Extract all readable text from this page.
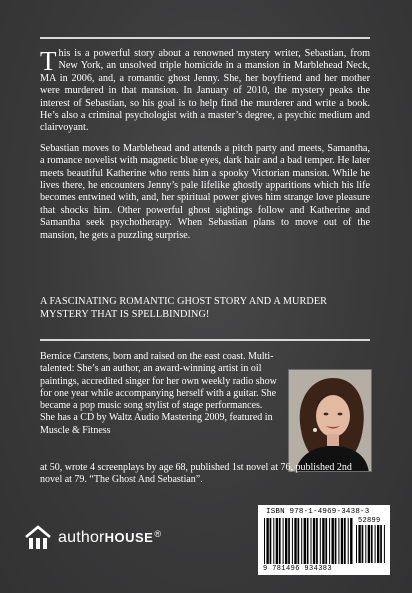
This is a powerful story about a renowned mystery writer, Sebastian, from New York, an unsolved triple homicide in a mansion in Marblehead Neck, MA in 2006, and, a romantic ghost Jenny. She, her boyfriend and her mother were murdered in that mansion. In January of 2010, the mystery peaks the interest of Sebastian, so his goal is to help find the murderer and write a book. He’s also a criminal psychologist with a master’s degree, a psychic medium and clairvoyant.

Sebastian moves to Marblehead and attends a pitch party and meets, Samantha, a romance novelist with magnetic blue eyes, dark hair and a bad temper. He later meets beautiful Katherine who rents him a spooky Victorian mansion. While he lives there, he encounters Jenny’s pale lifelike ghostly apparitions which his life becomes entwined with, and, her spiritual power gives him strange love pleasure that shocks him. Other powerful ghost sightings follow and Katherine and Samantha seek psychotherapy. When Sebastian plans to move out of the mansion, he gets a puzzling surprise.

A FASCINATING ROMANTIC GHOST STORY AND A MURDER MYSTERY THAT IS SPELLBINDING!
Bernice Carstens, born and raised on the east coast. Multi-talented: She’s an author, an award-winning artist in oil paintings, accredited singer for her own weekly radio show for one year while accompanying herself with a guitar. She became a pop music song stylist of stage performances. She has a CD by Waltz Audio Mastering 2009, featured in Muscle & Fitness
at 50, wrote 4 screenplays by age 68, published 1st novel at 76, published 2nd novel at 79. “The Ghost And Sebastian”.
authorHOUSE®
ISBN 978-1-4969-3438-3
52899
9 781496 934383
